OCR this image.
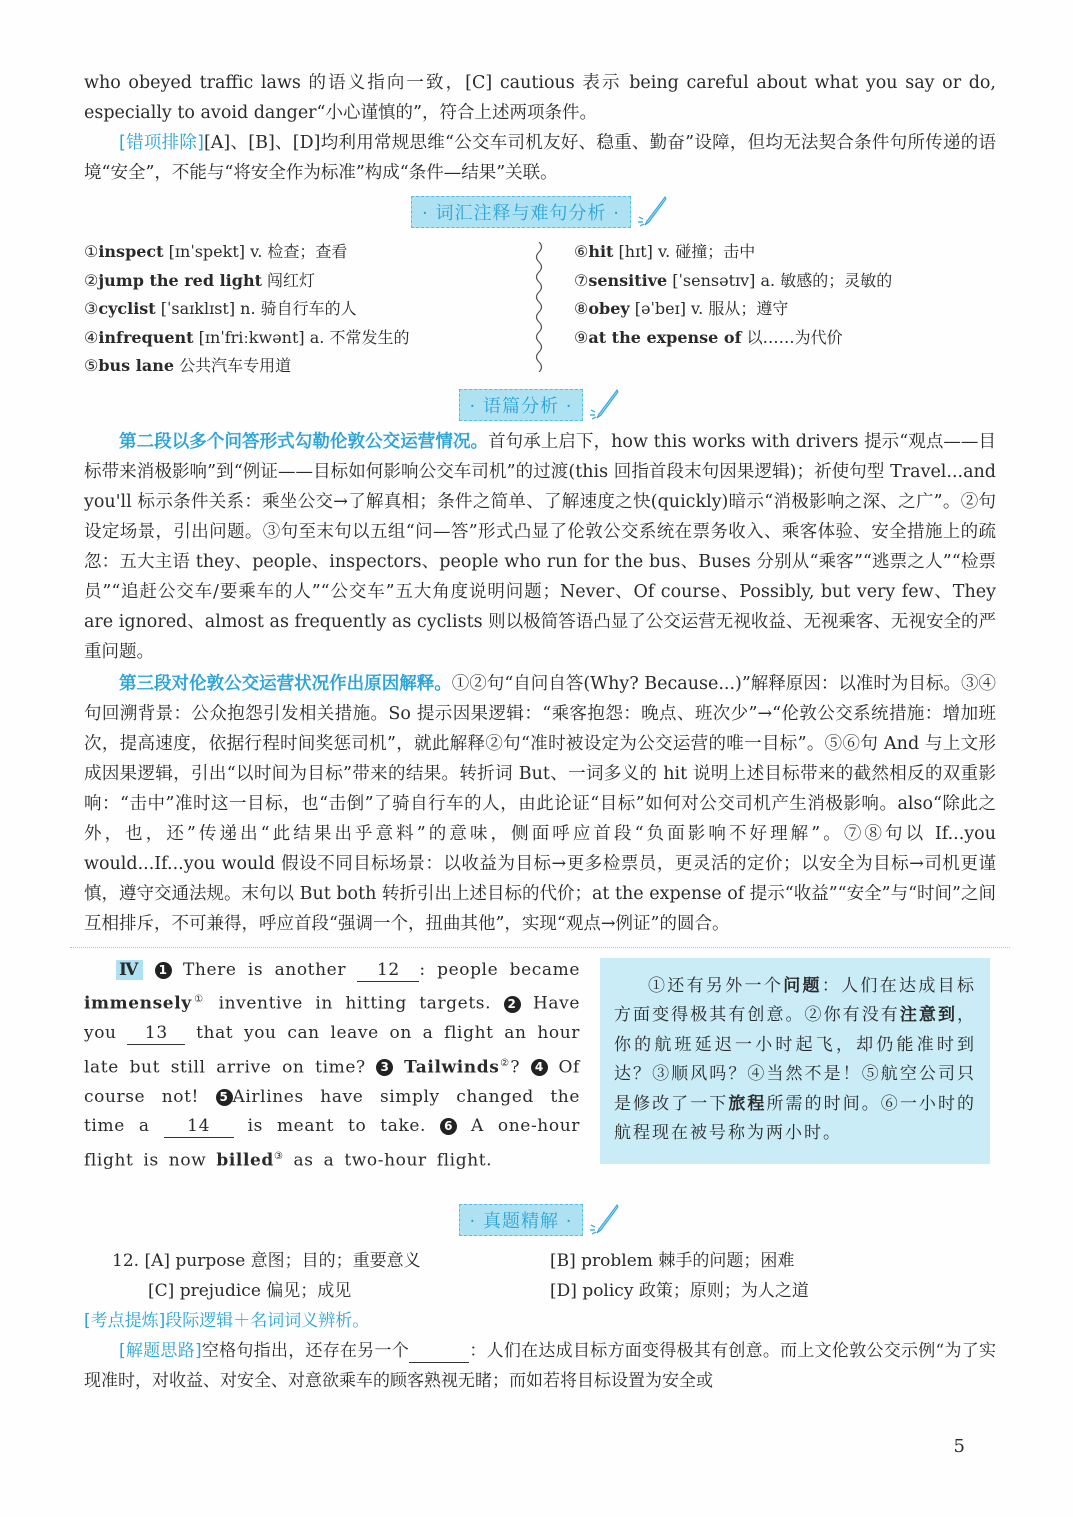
who obeyed traffic laws 的语义指向一致，[C] cautious 表示 being careful about what you say or do, especially to avoid danger“小心谨慎的”，符合上述两项条件。

[错项排除][A]、[B]、[D]均利用常规思维“公交车司机友好、稳重、勤奋”设障，但均无法契合条件句所传递的语境“安全”，不能与“将安全作为标准”构成“条件—结果”关联。

· 词汇注释与难句分析 ·
①inspect [ɪnˈspekt] v. 检查；查看
②jump the red light 闯红灯
③cyclist [ˈsaɪklɪst] n. 骑自行车的人
④infrequent [ɪnˈfriːkwənt] a. 不常发生的
⑤bus lane 公共汽车专用道
⑥hit [hɪt] v. 碰撞；击中
⑦sensitive [ˈsensətɪv] a. 敏感的；灵敏的
⑧obey [əˈbeɪ] v. 服从；遵守
⑨at the expense of 以……为代价
· 语篇分析 ·

第二段以多个问答形式勾勒伦敦公交运营情况。首句承上启下，how this works with drivers 提示“观点——目标带来消极影响”到“例证——目标如何影响公交车司机”的过渡(this 回指首段末句因果逻辑)；祈使句型 Travel...and you'll 标示条件关系：乘坐公交→了解真相；条件之简单、了解速度之快(quickly)暗示“消极影响之深、之广”。②句设定场景，引出问题。③句至末句以五组“问—答”形式凸显了伦敦公交系统在票务收入、乘客体验、安全措施上的疏忽：五大主语 they、people、inspectors、people who run for the bus、Buses 分别从“乘客”“逃票之人”“检票员”“追赶公交车/要乘车的人”“公交车”五大角度说明问题；Never、Of course、Possibly, but very few、They are ignored、almost as frequently as cyclists 则以极简答语凸显了公交运营无视收益、无视乘客、无视安全的严重问题。

第三段对伦敦公交运营状况作出原因解释。①②句“自问自答(Why? Because...)”解释原因：以准时为目标。③④句回溯背景：公众抱怨引发相关措施。So 提示因果逻辑：“乘客抱怨：晚点、班次少”→“伦敦公交系统措施：增加班次，提高速度，依据行程时间奖惩司机”，就此解释②句“准时被设定为公交运营的唯一目标”。⑤⑥句 And 与上文形成因果逻辑，引出“以时间为目标”带来的结果。转折词 But、一词多义的 hit 说明上述目标带来的截然相反的双重影响：“击中”准时这一目标，也“击倒”了骑自行车的人，由此论证“目标”如何对公交司机产生消极影响。also“除此之外，也，还”传递出“此结果出乎意料”的意味，侧面呼应首段“负面影响不好理解”。⑦⑧句以 If...you would...If...you would 假设不同目标场景：以收益为目标→更多检票员，更灵活的定价；以安全为目标→司机更谨慎，遵守交通法规。末句以 But both 转折引出上述目标的代价；at the expense of 提示“收益”“安全”与“时间”之间互相排斥，不可兼得，呼应首段“强调一个，扭曲其他”，实现“观点→例证”的圆合。

Ⅳ 1 There is another 12 : people became immensely① inventive in hitting targets. 2 Have you 13 that you can leave on a flight an hour late but still arrive on time? 3 Tailwinds②? 4 Of course not! 5 Airlines have simply changed the time a 14 is meant to take. 6 A one-hour flight is now billed③ as a two-hour flight.
①还有另外一个问题：人们在达成目标方面变得极其有创意。②你有没有注意到，你的航班延迟一小时起飞，却仍能准时到达？③顺风吗？④当然不是！⑤航空公司只是修改了一下旅程所需的时间。⑥一小时的航程现在被号称为两小时。
· 真题精解 ·
12. [A] purpose 意图；目的；重要意义	[B] problem 棘手的问题；困难
[C] prejudice 偏见；成见	[D] policy 政策；原则；为人之道
[考点提炼]段际逻辑＋名词词义辨析。

[解题思路]空格句指出，还存在另一个	：人们在达成目标方面变得极其有创意。而上文伦敦公交示例“为了实现准时，对收益、对安全、对意欲乘车的顾客熟视无睹；而如若将目标设置为安全或

5
